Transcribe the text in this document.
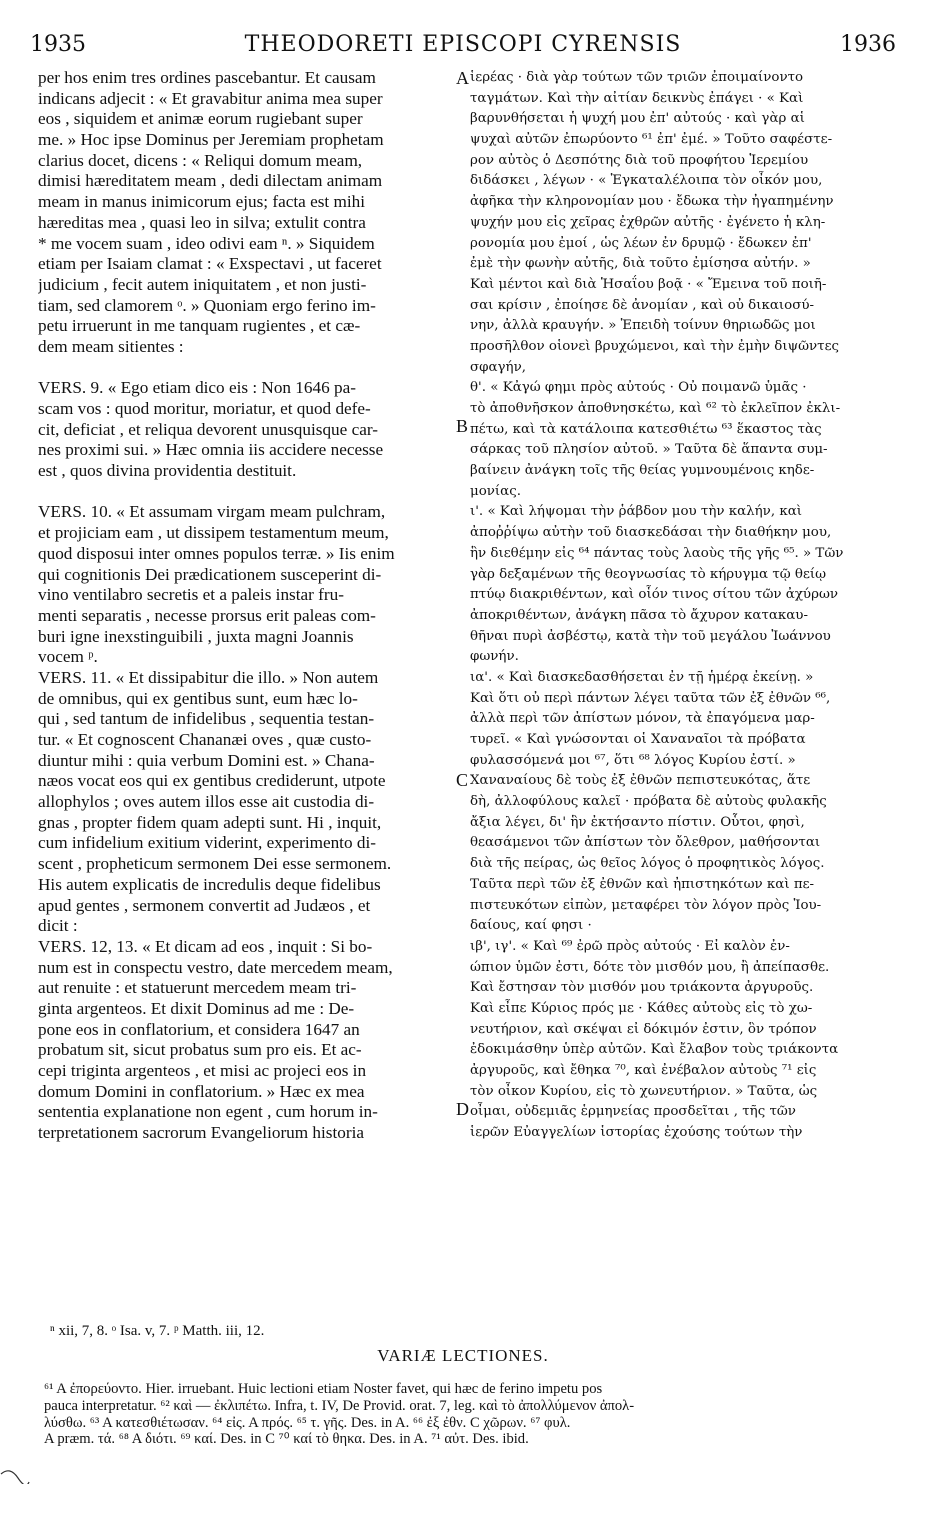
1935	THEODORETI EPISCOPI CYRENSIS	1936
per hos enim tres ordines pascebantur. Et causam
indicans adjecit : « Et gravabitur anima mea super
eos , siquidem et animæ eorum rugiebant super
me. » Hoc ipse Dominus per Jeremiam prophetam
clarius docet, dicens : « Reliqui domum meam,
dimisi hæreditatem meam , dedi dilectam animam
meam in manus inimicorum ejus; facta est mihi
hæreditas mea , quasi leo in silva; extulit contra
* me vocem suam , ideo odivi eam ⁿ. » Siquidem
etiam per Isaiam clamat : « Exspectavi , ut faceret
judicium , fecit autem iniquitatem , et non justi-
tiam, sed clamorem ᵒ. » Quoniam ergo ferino im-
petu irruerunt in me tanquam rugientes , et cæ-
dem meam sitientes :
VERS. 9. « Ego etiam dico eis : Non 1646 pa-
scam vos : quod moritur, moriatur, et quod defe-
cit, deficiat , et reliqua devorent unusquisque car-
nes proximi sui. » Hæc omnia iis accidere necesse
est , quos divina providentia destituit.
VERS. 10. « Et assumam virgam meam pulchram,
et projiciam eam , ut dissipem testamentum meum,
quod disposui inter omnes populos terræ. » Iis enim
qui cognitionis Dei prædicationem susceperint di-
vino ventilabro secretis et a paleis instar fru-
menti separatis , necesse prorsus erit paleas com-
buri igne inexstinguibili , juxta magni Joannis
vocem ᵖ.
VERS. 11. « Et dissipabitur die illo. » Non autem
de omnibus, qui ex gentibus sunt, eum hæc lo-
qui , sed tantum de infidelibus , sequentia testan-
tur. « Et cognoscent Chananæi oves , quæ custo-
diuntur mihi : quia verbum Domini est. » Chana-
næos vocat eos qui ex gentibus crediderunt, utpote
allophylos ; oves autem illos esse ait custodia di-
gnas , propter fidem quam adepti sunt. Hi , inquit,
cum infidelium exitium viderint, experimento di-
scent , propheticum sermonem Dei esse sermonem.
His autem explicatis de incredulis deque fidelibus
apud gentes , sermonem convertit ad Judæos , et
dicit :
VERS. 12, 13. « Et dicam ad eos , inquit : Si bo-
num est in conspectu vestro, date mercedem meam,
aut renuite : et statuerunt mercedem meam tri-
ginta argenteos. Et dixit Dominus ad me : De-
pone eos in conflatorium, et considera 1647 an
probatum sit, sicut probatus sum pro eis. Et ac-
cepi triginta argenteos , et misi ac projeci eos in
domum Domini in conflatorium. » Hæc ex mea
sententia explanatione non egent , cum horum in-
terpretationem sacrorum Evangeliorum historia
ἱερέας · διὰ γὰρ τούτων τῶν τριῶν ἐποιμαίνοντο
ταγμάτων. Καὶ τὴν αἰτίαν δεικνὺς ἐπάγει · « Καὶ
βαρυνθήσεται ἡ ψυχή μου ἐπ' αὐτούς · καὶ γὰρ αἱ
ψυχαὶ αὐτῶν ἐπωρύοντο ⁶¹ ἐπ' ἐμέ. » Τοῦτο σαφέστε-
ρον αὐτὸς ὁ Δεσπότης διὰ τοῦ προφήτου Ἱερεμίου
διδάσκει , λέγων · « Ἐγκαταλέλοιπα τὸν οἶκόν μου,
ἀφῆκα τὴν κληρονομίαν μου · ἔδωκα τὴν ἠγαπημένην
ψυχήν μου εἰς χεῖρας ἐχθρῶν αὐτῆς · ἐγένετο ἡ κλη-
ρονομία μου ἐμοί , ὡς λέων ἐν δρυμῷ · ἔδωκεν ἐπ'
ἐμὲ τὴν φωνὴν αὐτῆς, διὰ τοῦτο ἐμίσησα αὐτήν. »
Καὶ μέντοι καὶ διὰ Ἡσαΐου βοᾷ · « Ἔμεινα τοῦ ποιῆ-
σαι κρίσιν , ἐποίησε δὲ ἀνομίαν , καὶ οὐ δικαιοσύ-
νην, ἀλλὰ κραυγήν. » Ἐπειδὴ τοίνυν θηριωδῶς μοι
προσῆλθον οἱονεὶ βρυχώμενοι, καὶ τὴν ἐμὴν διψῶντες
σφαγήν,
θ'. « Κἀγώ φημι πρὸς αὐτούς · Οὐ ποιμανῶ ὑμᾶς ·
τὸ ἀποθνῆσκον ἀποθνησκέτω, καὶ ⁶² τὸ ἐκλεῖπον ἐκλι-
πέτω, καὶ τὰ κατάλοιπα κατεσθιέτω ⁶³ ἕκαστος τὰς
σάρκας τοῦ πλησίον αὐτοῦ. » Ταῦτα δὲ ἅπαντα συμ-
βαίνειν ἀνάγκη τοῖς τῆς θείας γυμνουμένοις κηδε-
μονίας.
ι'. « Καὶ λήψομαι τὴν ῥάβδον μου τὴν καλήν, καὶ
ἀποῤῥίψω αὐτὴν τοῦ διασκεδάσαι τὴν διαθήκην μου,
ἣν διεθέμην εἰς ⁶⁴ πάντας τοὺς λαοὺς τῆς γῆς ⁶⁵. » Τῶν
γὰρ δεξαμένων τῆς θεογνωσίας τὸ κήρυγμα τῷ θείῳ
πτύῳ διακριθέντων, καὶ οἷόν τινος σίτου τῶν ἀχύρων
ἀποκριθέντων, ἀνάγκη πᾶσα τὸ ἄχυρον κατακαυ-
θῆναι πυρὶ ἀσβέστῳ, κατὰ τὴν τοῦ μεγάλου Ἰωάννου
φωνήν.
ια'. « Καὶ διασκεδασθήσεται ἐν τῇ ἡμέρᾳ ἐκείνῃ. »
Καὶ ὅτι οὐ περὶ πάντων λέγει ταῦτα τῶν ἐξ ἐθνῶν ⁶⁶,
ἀλλὰ περὶ τῶν ἀπίστων μόνον, τὰ ἐπαγόμενα μαρ-
τυρεῖ. « Καὶ γνώσονται οἱ Χαναναῖοι τὰ πρόβατα
φυλασσόμενά μοι ⁶⁷, ὅτι ⁶⁸ λόγος Κυρίου ἐστί. »
Χαναναίους δὲ τοὺς ἐξ ἐθνῶν πεπιστευκότας, ἅτε
δὴ, ἀλλοφύλους καλεῖ · πρόβατα δὲ αὐτοὺς φυλακῆς
ἄξια λέγει, δι' ἣν ἐκτήσαντο πίστιν. Οὗτοι, φησὶ,
θεασάμενοι τῶν ἀπίστων τὸν ὄλεθρον, μαθήσονται
διὰ τῆς πείρας, ὡς θεῖος λόγος ὁ προφητικὸς λόγος.
Ταῦτα περὶ τῶν ἐξ ἐθνῶν καὶ ἠπιστηκότων καὶ πε-
πιστευκότων εἰπὼν, μεταφέρει τὸν λόγον πρὸς Ἰου-
δαίους, καί φησι ·
ιβ', ιγ'. « Καὶ ⁶⁹ ἐρῶ πρὸς αὐτούς · Εἰ καλὸν ἐν-
ώπιον ὑμῶν ἐστι, δότε τὸν μισθόν μου, ἢ ἀπείπασθε.
Καὶ ἔστησαν τὸν μισθόν μου τριάκοντα ἀργυροῦς.
Καὶ εἶπε Κύριος πρός με · Κάθες αὐτοὺς εἰς τὸ χω-
νευτήριον, καὶ σκέψαι εἰ δόκιμόν ἐστιν, ὃν τρόπον
ἐδοκιμάσθην ὑπὲρ αὐτῶν. Καὶ ἔλαβον τοὺς τριάκοντα
ἀργυροῦς, καὶ ἔθηκα ⁷⁰, καὶ ἐνέβαλον αὐτοὺς ⁷¹ εἰς
τὸν οἶκον Κυρίου, εἰς τὸ χωνευτήριον. » Ταῦτα, ὡς
οἶμαι, οὐδεμιᾶς ἑρμηνείας προσδεῖται , τῆς τῶν
ἱερῶν Εὐαγγελίων ἱστορίας ἐχούσης τούτων τὴν
A
B
C
D
ⁿ xii, 7, 8. ᵒ Isa. v, 7. ᵖ Matth. iii, 12.
VARIÆ LECTIONES.
⁶¹ Α ἐπορεύοντο. Hier. irruebant. Huic lectioni etiam Noster favet, qui hæc de ferino impetu pos
pauca interpretatur. ⁶² καὶ — ἐκλιπέτω. Infra, t. IV, De Provid. orat. 7, leg. καὶ τὸ ἀπολλύμενον ἀπολ-
λύσθω. ⁶³ Α κατεσθιέτωσαν. ⁶⁴ εἰς. Α πρός. ⁶⁵ τ. γῆς. Des. in A. ⁶⁶ ἐξ ἐθν. C χῶρων. ⁶⁷ φυλ.
Α præm. τά. ⁶⁸ Α διότι. ⁶⁹ καί. Des. in C ⁷⁰ καί τὸ θηκα. Des. in A. ⁷¹ αὐτ. Des. ibid.
